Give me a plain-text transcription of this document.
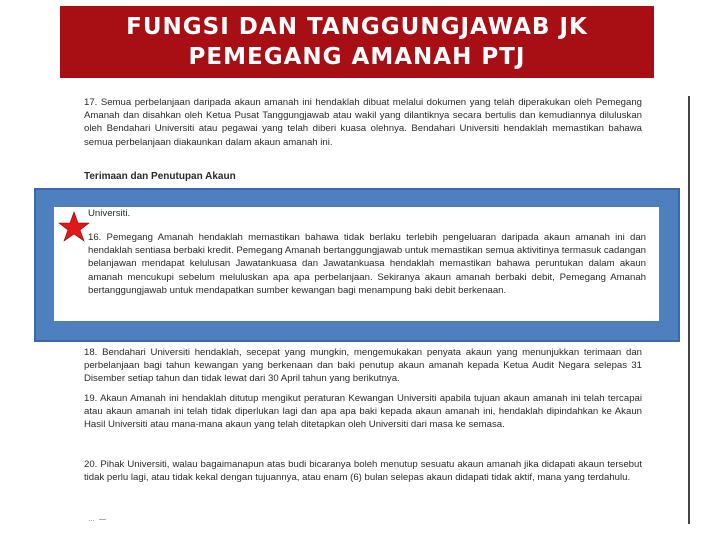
FUNGSI DAN TANGGUNGJAWAB JK
PEMEGANG AMANAH PTJ
Universiti.
16. Pemegang Amanah hendaklah memastikan bahawa tidak berlaku terlebih pengeluaran daripada akaun amanah ini dan hendaklah sentiasa berbaki kredit. Pemegang Amanah bertanggungjawab untuk memastikan semua aktivitinya termasuk cadangan belanjawan mendapat kelulusan Jawatankuasa dan Jawatankuasa hendaklah memastikan bahawa peruntukan dalam akaun amanah mencukupi sebelum meluluskan apa apa perbelanjaan. Sekiranya akaun amanah berbaki debit, Pemegang Amanah bertanggungjawab untuk mendapatkan sumber kewangan bagi menampung baki debit berkenaan.
17. Semua perbelanjaan daripada akaun amanah ini hendaklah dibuat melalui dokumen yang telah diperakukan oleh Pemegang Amanah dan disahkan oleh Ketua Pusat Tanggungjawab atau wakil yang dilantiknya secara bertulis dan kemudiannya diluluskan oleh Bendahari Universiti atau pegawai yang telah diberi kuasa olehnya. Bendahari Universiti hendaklah memastikan bahawa semua perbelanjaan diakaunkan dalam akaun amanah ini.
Terimaan dan Penutupan Akaun
18. Bendahari Universiti hendaklah, secepat yang mungkin, mengemukakan penyata akaun yang menunjukkan terimaan dan perbelanjaan bagi tahun kewangan yang berkenaan dan baki penutup akaun amanah kepada Ketua Audit Negara selepas 31 Disember setiap tahun dan tidak lewat dari 30 April tahun yang berikutnya.
19. Akaun Amanah ini hendaklah ditutup mengikut peraturan Kewangan Universiti apabila tujuan akaun amanah ini telah tercapai atau akaun amanah ini telah tidak diperlukan lagi dan apa apa baki kepada akaun amanah ini, hendaklah dipindahkan ke Akaun Hasil Universiti atau mana-mana akaun yang telah ditetapkan oleh Universiti dari masa ke semasa.
20. Pihak Universiti, walau bagaimanapun atas budi bicaranya boleh menutup sesuatu akaun amanah jika didapati akaun tersebut tidak perlu lagi, atau tidak kekal dengan tujuannya, atau enam (6) bulan selepas akaun didapati tidak aktif, mana yang terdahulu.
… —
